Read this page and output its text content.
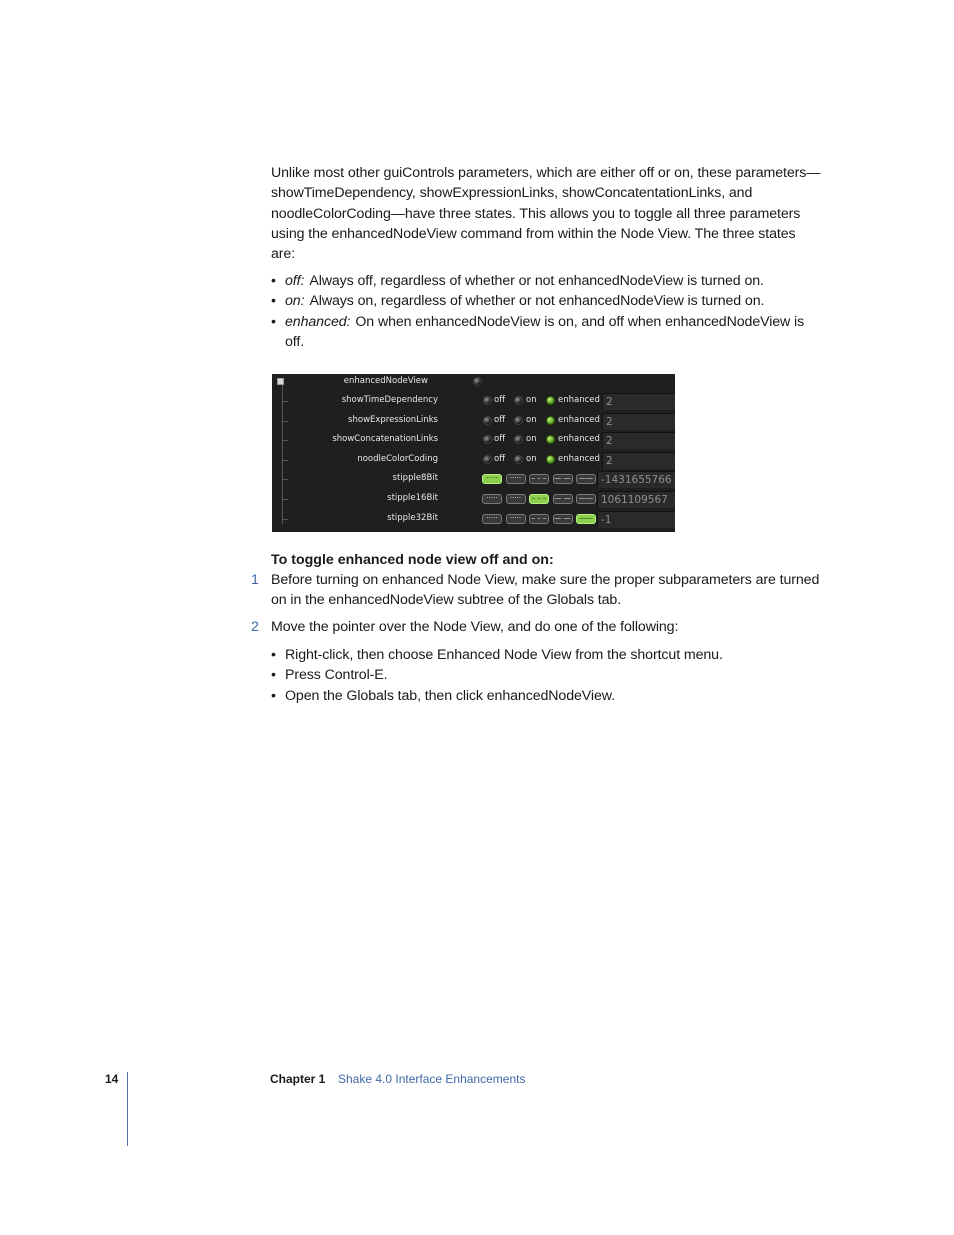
Unlike most other guiControls parameters, which are either off or on, these parameters—showTimeDependency, showExpressionLinks, showConcatentationLinks, and noodleColorCoding—have three states. This allows you to toggle all three parameters using the enhancedNodeView command from within the Node View. The three states are:

• off: Always off, regardless of whether or not enhancedNodeView is turned on.
• on: Always on, regardless of whether or not enhancedNodeView is turned on.
• enhanced: On when enhancedNodeView is on, and off when enhancedNodeView is off.
enhancedNodeView
showTimeDependency	off on	enhanced 2
showExpressionLinks	off on	enhanced 2
showConcatenationLinks	off on	enhanced 2
noodleColorCoding	off on	enhanced 2
stipple8Bit	·····	·····	– – –	— —	—— -1431655766
stipple16Bit	·····	·····	– – –	— —	—— 1061109567
stipple32Bit	·····	·····	– – –	— —	—— -1
To toggle enhanced node view off and on:
1 Before turning on enhanced Node View, make sure the proper subparameters are turned on in the enhancedNodeView subtree of the Globals tab.
2 Move the pointer over the Node View, and do one of the following:
• Right-click, then choose Enhanced Node View from the shortcut menu.
• Press Control-E.
• Open the Globals tab, then click enhancedNodeView.
14	Chapter 1 Shake 4.0 Interface Enhancements
